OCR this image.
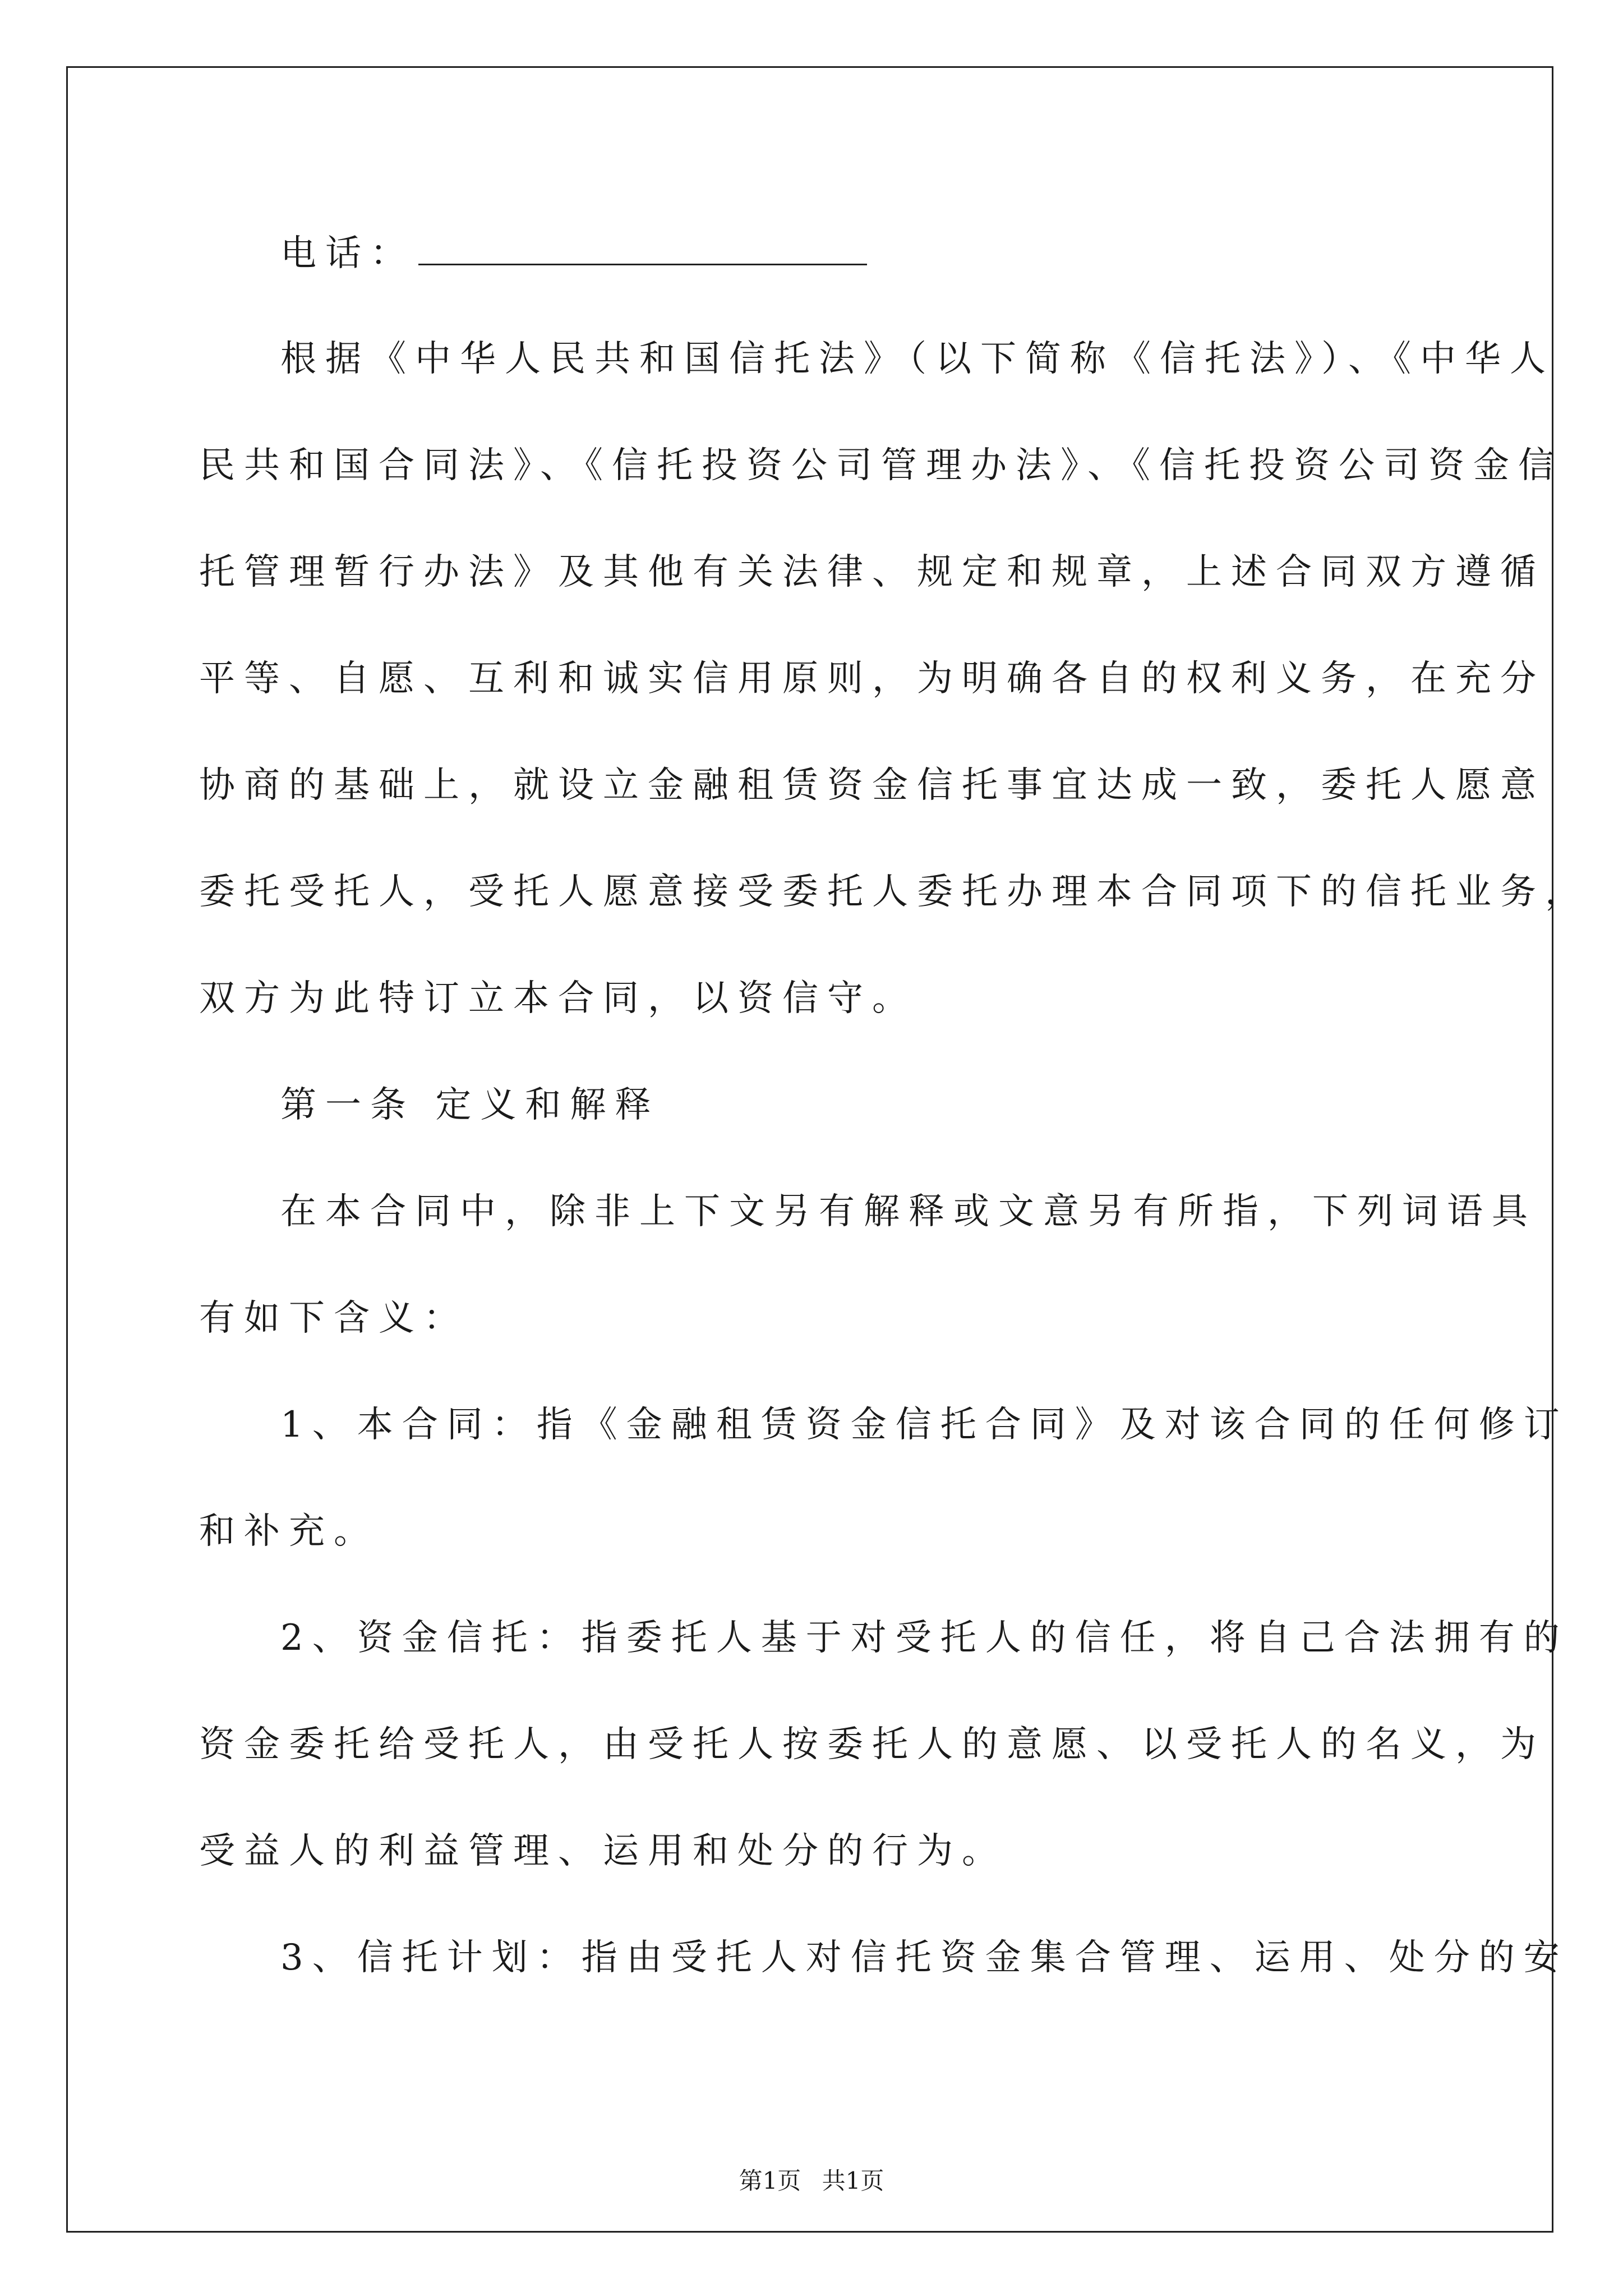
电话：
根据《中华人民共和国信托法》（以下简称《信托法》）、《中华人
民共和国合同法》、《信托投资公司管理办法》、《信托投资公司资金信
托管理暂行办法》及其他有关法律、规定和规章，上述合同双方遵循
平等、自愿、互利和诚实信用原则，为明确各自的权利义务，在充分
协商的基础上，就设立金融租赁资金信托事宜达成一致，委托人愿意
委托受托人，受托人愿意接受委托人委托办理本合同项下的信托业务，
双方为此特订立本合同，以资信守。
第一条 定义和解释
在本合同中，除非上下文另有解释或文意另有所指，下列词语具
有如下含义：
1、本合同：指《金融租赁资金信托合同》及对该合同的任何修订
和补充。
2、资金信托：指委托人基于对受托人的信任，将自己合法拥有的
资金委托给受托人，由受托人按委托人的意愿、以受托人的名义，为
受益人的利益管理、运用和处分的行为。
3、信托计划：指由受托人对信托资金集合管理、运用、处分的安
第1页 共1页
